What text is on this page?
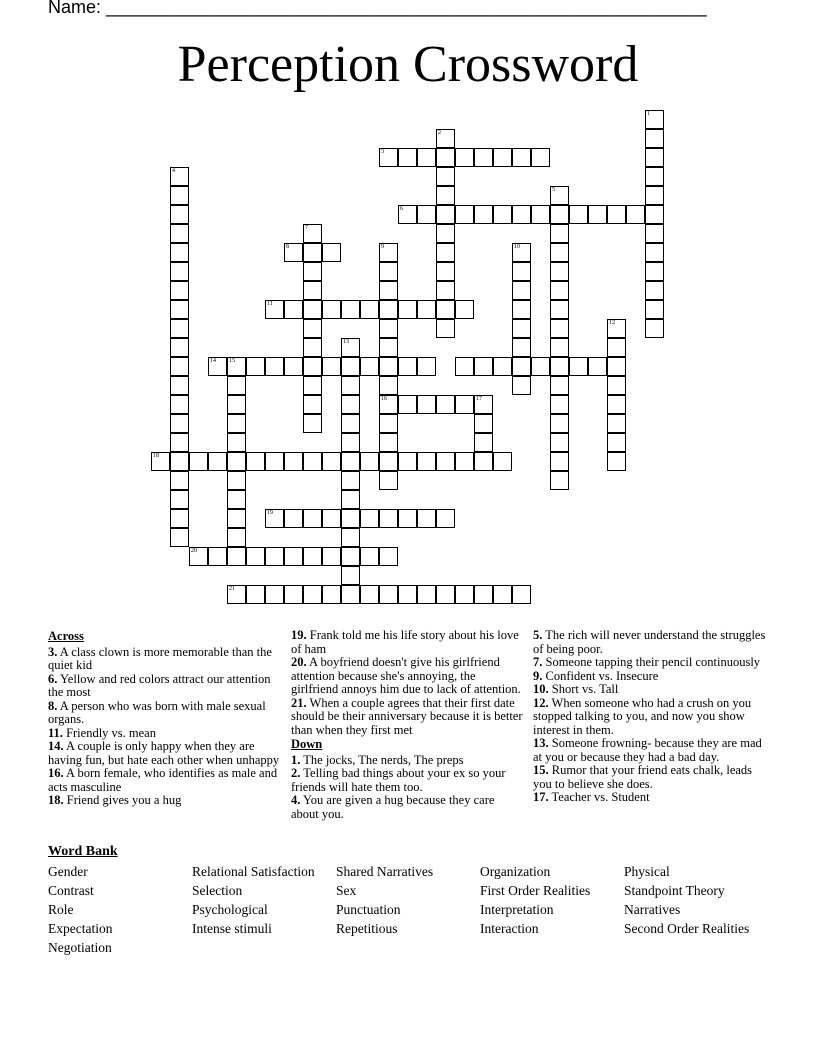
Name: ____________________________________________________________
Perception Crossword
1
2
3
4
5
6
7
8	9	10
11
12
13
14 15
16	17
18
19
20
21
Across
3. A class clown is more memorable than the quiet kid
6. Yellow and red colors attract our attention the most
8. A person who was born with male sexual organs.
11. Friendly vs. mean
14. A couple is only happy when they are having fun, but hate each other when unhappy
16. A born female, who identifies as male and acts masculine
18. Friend gives you a hug
19. Frank told me his life story about his love of ham
20. A boyfriend doesn't give his girlfriend attention because she's annoying, the girlfriend annoys him due to lack of attention.
21. When a couple agrees that their first date should be their anniversary because it is better than when they first met
Down
1. The jocks, The nerds, The preps
2. Telling bad things about your ex so your friends will hate them too.
4. You are given a hug because they care about you.
5. The rich will never understand the struggles of being poor.
7. Someone tapping their pencil continuously
9. Confident vs. Insecure
10. Short vs. Tall
12. When someone who had a crush on you stopped talking to you, and now you show interest in them.
13. Someone frowning- because they are mad at you or because they had a bad day.
15. Rumor that your friend eats chalk, leads you to believe she does.
17. Teacher vs. Student
Word Bank
Gender
Contrast
Role
Expectation
Negotiation
Relational Satisfaction
Selection
Psychological
Intense stimuli
Shared Narratives
Sex
Punctuation
Repetitious
Organization
First Order Realities
Interpretation
Interaction
Physical
Standpoint Theory
Narratives
Second Order Realities
